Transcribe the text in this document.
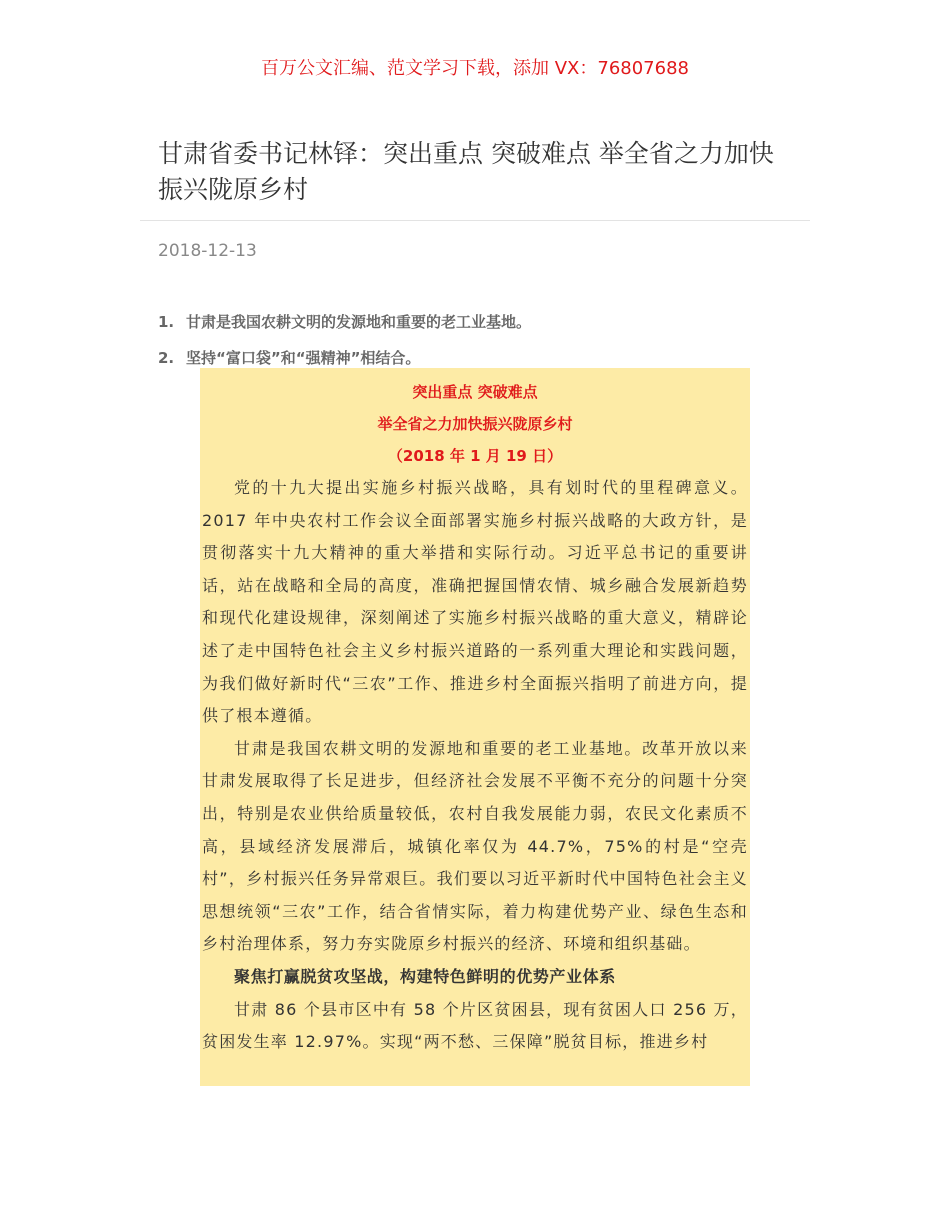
百万公文汇编、范文学习下载，添加 VX：76807688
甘肃省委书记林铎：突出重点 突破难点 举全省之力加快振兴陇原乡村
2018-12-13
1. 甘肃是我国农耕文明的发源地和重要的老工业基地。
2. 坚持“富口袋”和“强精神”相结合。
突出重点 突破难点
举全省之力加快振兴陇原乡村
（2018 年 1 月 19 日）

党的十九大提出实施乡村振兴战略，具有划时代的里程碑意义。2017 年中央农村工作会议全面部署实施乡村振兴战略的大政方针，是贯彻落实十九大精神的重大举措和实际行动。习近平总书记的重要讲话，站在战略和全局的高度，准确把握国情农情、城乡融合发展新趋势和现代化建设规律，深刻阐述了实施乡村振兴战略的重大意义，精辟论述了走中国特色社会主义乡村振兴道路的一系列重大理论和实践问题，为我们做好新时代“三农”工作、推进乡村全面振兴指明了前进方向，提供了根本遵循。

甘肃是我国农耕文明的发源地和重要的老工业基地。改革开放以来甘肃发展取得了长足进步，但经济社会发展不平衡不充分的问题十分突出，特别是农业供给质量较低，农村自我发展能力弱，农民文化素质不高，县域经济发展滞后，城镇化率仅为 44.7%，75%的村是“空壳村”，乡村振兴任务异常艰巨。我们要以习近平新时代中国特色社会主义思想统领“三农”工作，结合省情实际，着力构建优势产业、绿色生态和乡村治理体系，努力夯实陇原乡村振兴的经济、环境和组织基础。

聚焦打赢脱贫攻坚战，构建特色鲜明的优势产业体系

甘肃 86 个县市区中有 58 个片区贫困县，现有贫困人口 256 万，贫困发生率 12.97%。实现“两不愁、三保障”脱贫目标，推进乡村
